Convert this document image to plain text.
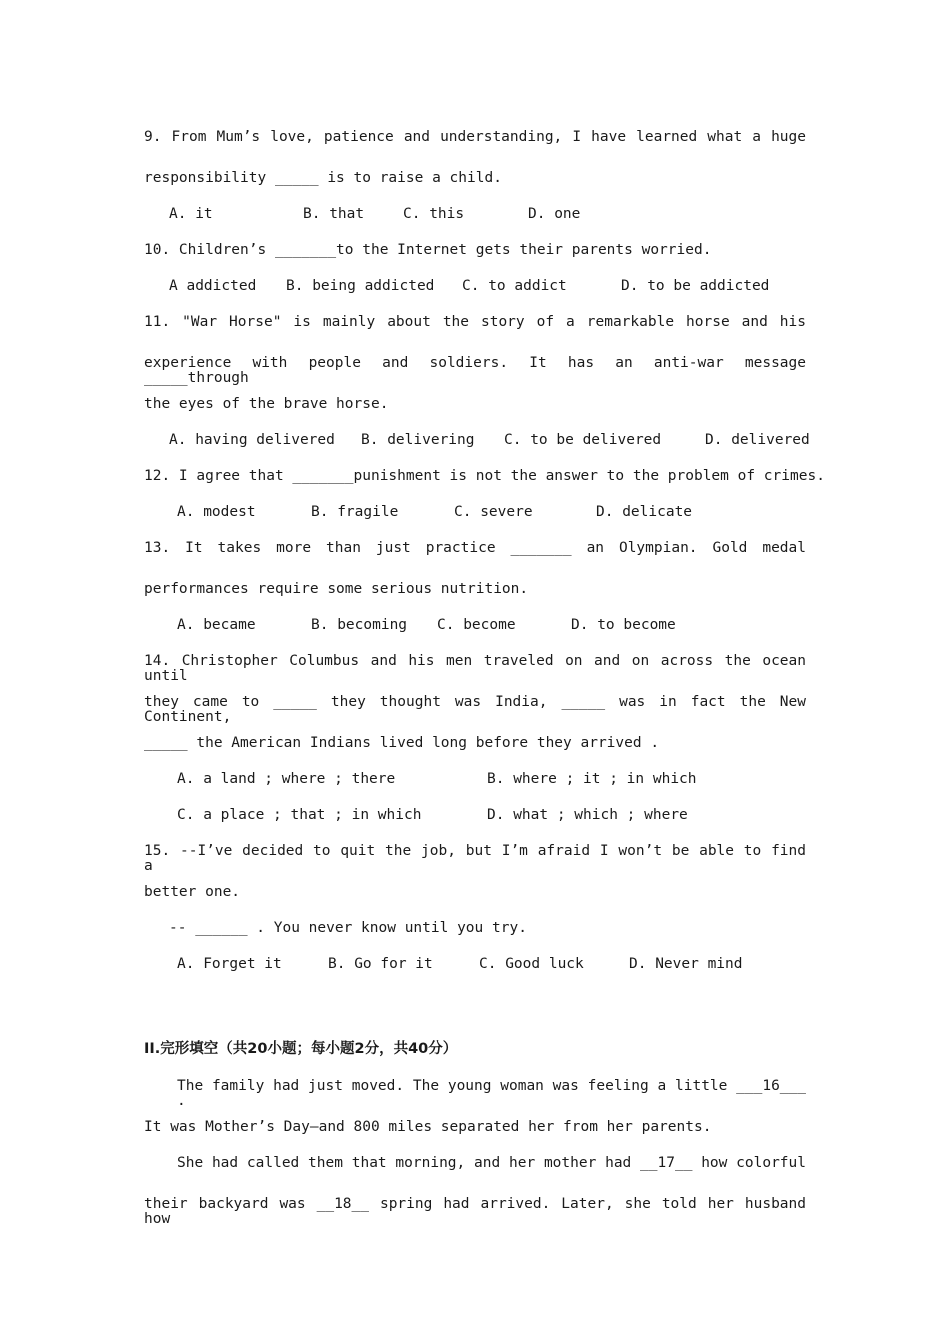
9. From Mum’s love, patience and understanding, I have learned what a huge
responsibility _____ is to raise a child.
A. it	B. that	C. this	D. one
10. Children’s _______to the Internet gets their parents worried.
A addicted B. being addicted C. to addict	D. to be addicted
11. "War Horse" is mainly about the story of a remarkable horse and his
experience with people and soldiers. It has an anti-war message _____through
the eyes of the brave horse.
A. having delivered B. delivering C. to be delivered	D. delivered
12. I agree that _______punishment is not the answer to the problem of crimes.
A. modest	B. fragile	C. severe	D. delicate
13. It takes more than just practice _______ an Olympian. Gold medal
performances require some serious nutrition.
A. became	B. becoming C. become	D. to become
14. Christopher Columbus and his men traveled on and on across the ocean until
they came to _____ they thought was India, _____ was in fact the New Continent,
_____ the American Indians lived long before they arrived .
A. a land ; where ; there	B. where ; it ; in which
C. a place ; that ; in which	D. what ; which ; where
15. --I’ve decided to quit the job, but I’m afraid I won’t be able to find a
better one.
-- ______ . You never know until you try.
A. Forget it	B. Go for it	C. Good luck	D. Never mind
II.完形填空（共20小题；每小题2分，共40分）
The family had just moved. The young woman was feeling a little ___16___ .
It was Mother’s Day—and 800 miles separated her from her parents.
She had called them that morning, and her mother had __17__ how colorful
their backyard was __18__ spring had arrived. Later, she told her husband how
